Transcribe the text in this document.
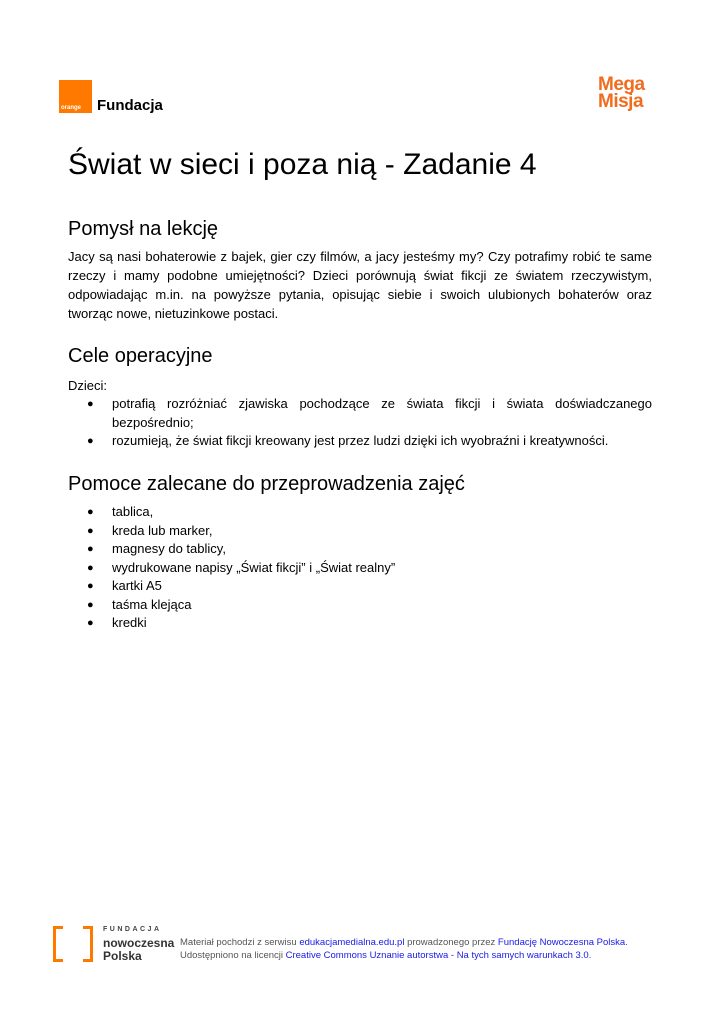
orange Fundacja
Mega
Misja
Świat w sieci i poza nią - Zadanie 4
Pomysł na lekcję

Jacy są nasi bohaterowie z bajek, gier czy filmów, a jacy jesteśmy my? Czy potrafimy robić te same rzeczy i mamy podobne umiejętności? Dzieci porównują świat fikcji ze światem rzeczywistym, odpowiadając m.in. na powyższe pytania, opisując siebie i swoich ulubionych bohaterów oraz tworząc nowe, nietuzinkowe postaci.

Cele operacyjne

Dzieci:

● potrafią rozróżniać zjawiska pochodzące ze świata fikcji i świata doświadczanego bezpośrednio;
● rozumieją, że świat fikcji kreowany jest przez ludzi dzięki ich wyobraźni i kreatywności.
Pomoce zalecane do przeprowadzenia zajęć
● tablica,
● kreda lub marker,
● magnesy do tablicy,
● wydrukowane napisy „Świat fikcji” i „Świat realny”
● kartki A5
● taśma klejąca
● kredki
FUNDACJA
nowoczesna
Polska
Materiał pochodzi z serwisu edukacjamedialna.edu.pl prowadzonego przez Fundację Nowoczesna Polska.
Udostępniono na licencji Creative Commons Uznanie autorstwa - Na tych samych warunkach 3.0.
